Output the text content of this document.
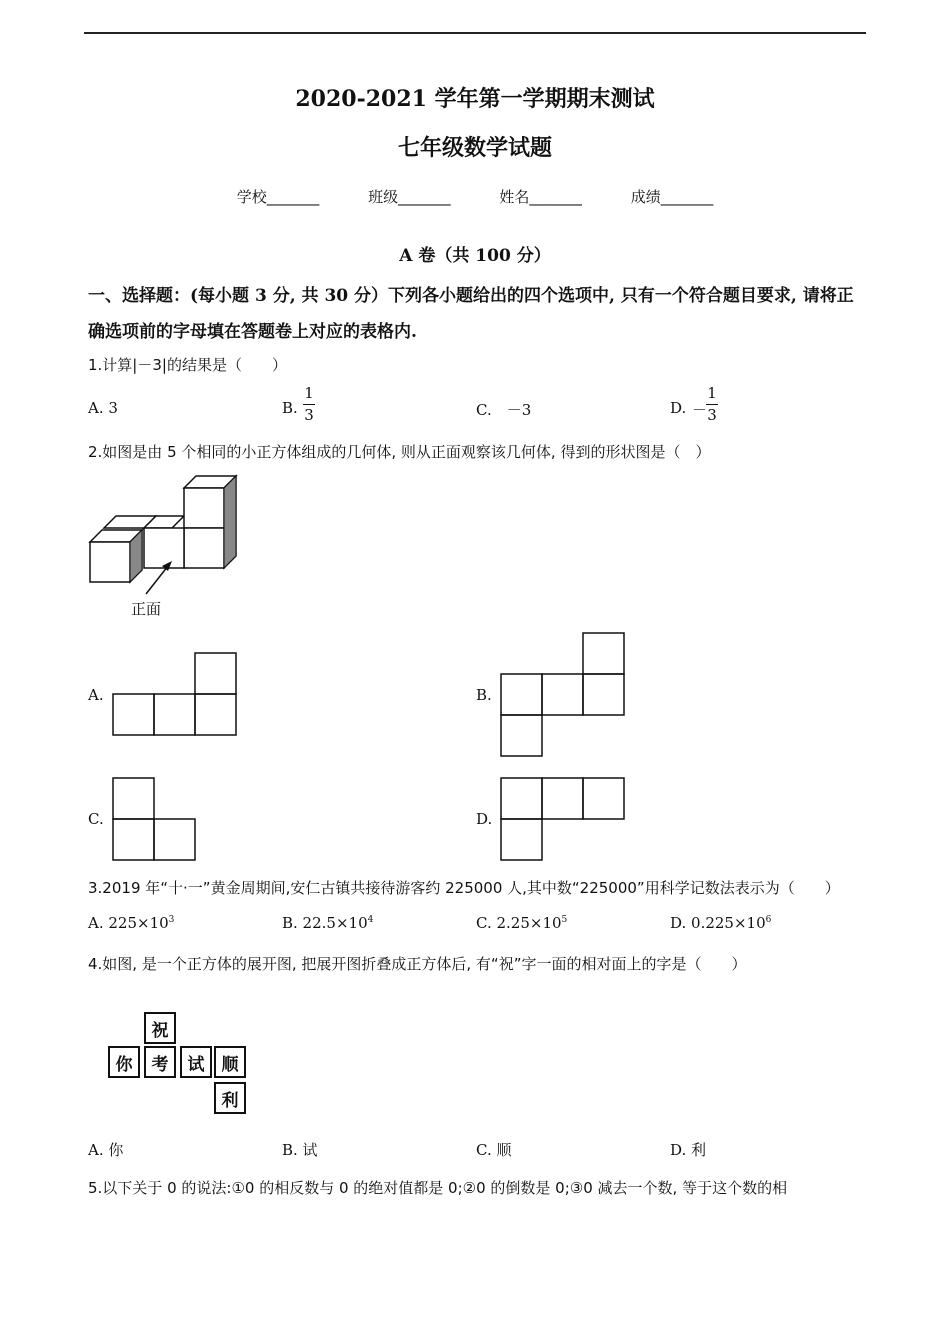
2020-2021 学年第一学期期末测试
七年级数学试题
学校_______	班级_______	姓名_______	成绩_______
A 卷（共 100 分）
一、选择题：(每小题 3 分, 共 30 分）下列各小题给出的四个选项中, 只有一个符合题目要求, 请将正确选项前的字母填在答题卷上对应的表格内.
1.计算|－3|的结果是（　　）
A. 3	B.
1
3	C.　－3	D. －
1
3
2.如图是由 5 个相同的小正方体组成的几何体, 则从正面观察该几何体, 得到的形状图是（　）
正面
A.	B.
C.	D.
3.2019 年“十·一”黄金周期间,安仁古镇共接待游客约 225000 人,其中数“225000”用科学记数法表示为（　　）
A. $225\times 10^3$	B. $22.5\times 10^4$	C. $2.25\times 10^5$	D. $0.225\times 10^6$
4.如图, 是一个正方体的展开图, 把展开图折叠成正方体后, 有“祝”字一面的相对面上的字是（　　）
祝
你	考	试	顺
利
A. 你	B. 试	C. 顺	D. 利
5.以下关于 0 的说法:①0 的相反数与 0 的绝对值都是 0;②0 的倒数是 0;③0 减去一个数, 等于这个数的相
